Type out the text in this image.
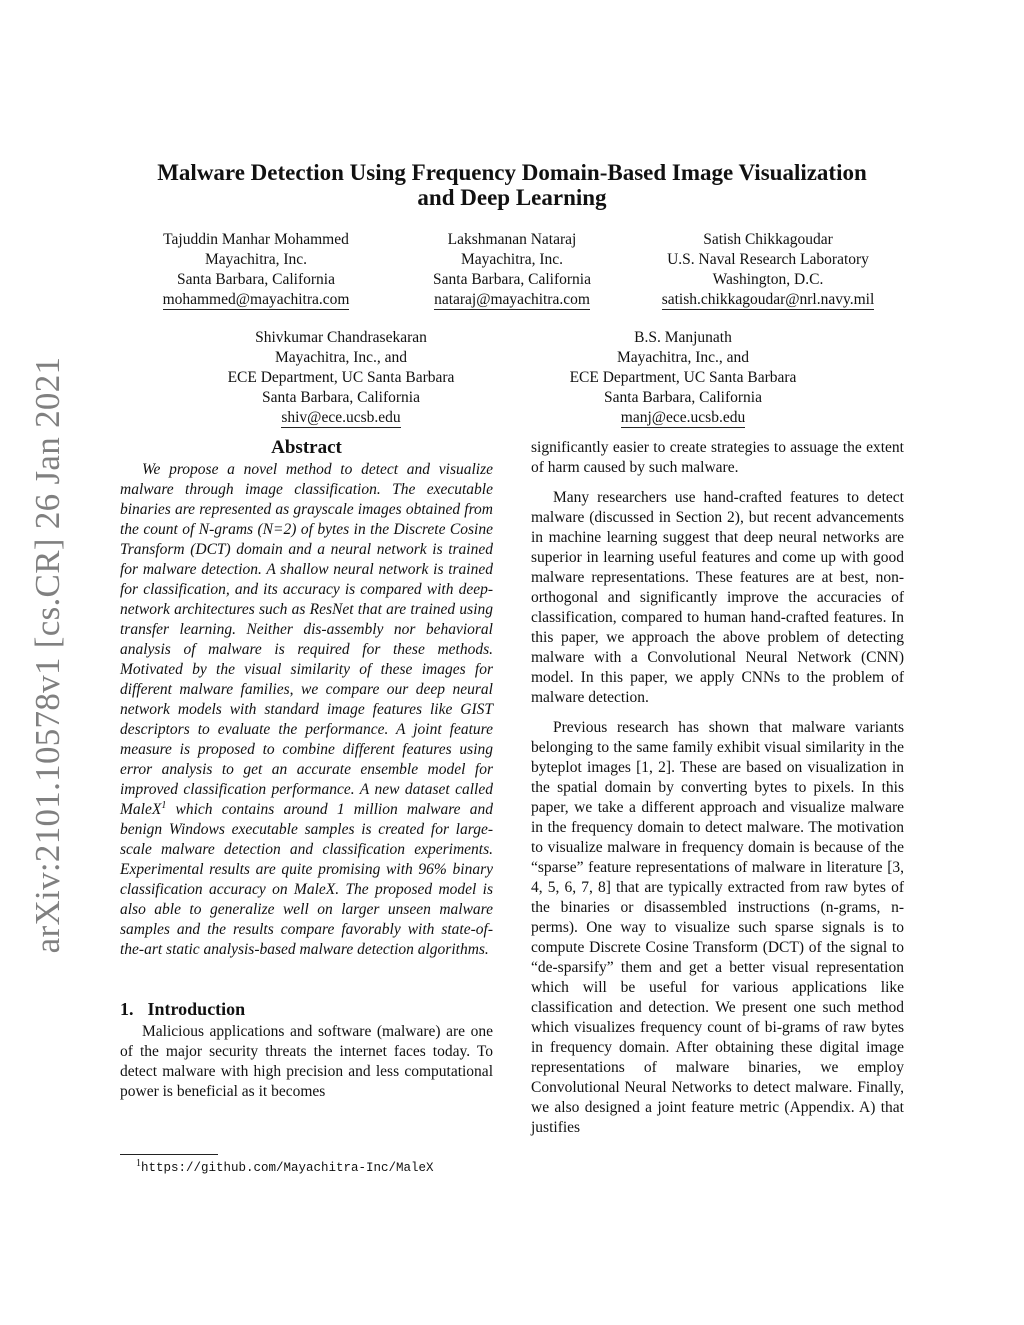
arXiv:2101.10578v1 [cs.CR] 26 Jan 2021
Malware Detection Using Frequency Domain-Based Image Visualization
and Deep Learning
Tajuddin Manhar Mohammed
Mayachitra, Inc.
Santa Barbara, California
mohammed@mayachitra.com
Lakshmanan Nataraj
Mayachitra, Inc.
Santa Barbara, California
nataraj@mayachitra.com
Satish Chikkagoudar
U.S. Naval Research Laboratory
Washington, D.C.
satish.chikkagoudar@nrl.navy.mil
Shivkumar Chandrasekaran
Mayachitra, Inc., and
ECE Department, UC Santa Barbara
Santa Barbara, California
shiv@ece.ucsb.edu
B.S. Manjunath
Mayachitra, Inc., and
ECE Department, UC Santa Barbara
Santa Barbara, California
manj@ece.ucsb.edu
Abstract

We propose a novel method to detect and visualize malware through image classification. The executable binaries are represented as grayscale images obtained from the count of N-grams (N=2) of bytes in the Discrete Cosine Transform (DCT) domain and a neural network is trained for malware detection. A shallow neural network is trained for classification, and its accuracy is compared with deep-network architectures such as ResNet that are trained using transfer learning. Neither dis-assembly nor behavioral analysis of malware is required for these methods. Motivated by the visual similarity of these images for different malware families, we compare our deep neural network models with standard image features like GIST descriptors to evaluate the performance. A joint feature measure is proposed to combine different features using error analysis to get an accurate ensemble model for improved classification performance. A new dataset called MaleX$^1$ which contains around 1 million malware and benign Windows executable samples is created for large-scale malware detection and classification experiments. Experimental results are quite promising with 96% binary classification accuracy on MaleX. The proposed model is also able to generalize well on larger unseen malware samples and the results compare favorably with state-of-the-art static analysis-based malware detection algorithms.

1. Introduction

Malicious applications and software (malware) are one of the major security threats the internet faces today. To detect malware with high precision and less computational power is beneficial as it becomes

significantly easier to create strategies to assuage the extent of harm caused by such malware.

Many researchers use hand-crafted features to detect malware (discussed in Section 2), but recent advancements in machine learning suggest that deep neural networks are superior in learning useful features and come up with good malware representations. These features are at best, non-orthogonal and significantly improve the accuracies of classification, compared to human hand-crafted features. In this paper, we approach the above problem of detecting malware with a Convolutional Neural Network (CNN) model. In this paper, we apply CNNs to the problem of malware detection.

Previous research has shown that malware variants belonging to the same family exhibit visual similarity in the byteplot images [1, 2]. These are based on visualization in the spatial domain by converting bytes to pixels. In this paper, we take a different approach and visualize malware in the frequency domain to detect malware. The motivation to visualize malware in frequency domain is because of the “sparse” feature representations of malware in literature [3, 4, 5, 6, 7, 8] that are typically extracted from raw bytes of the binaries or disassembled instructions (n-grams, n-perms). One way to visualize such sparse signals is to compute Discrete Cosine Transform (DCT) of the signal to “de-sparsify” them and get a better visual representation which will be useful for various applications like classification and detection. We present one such method which visualizes frequency count of bi-grams of raw bytes in frequency domain. After obtaining these digital image representations of malware binaries, we employ Convolutional Neural Networks to detect malware. Finally, we also designed a joint feature metric (Appendix. A) that justifies

$^1$https://github.com/Mayachitra-Inc/MaleX
